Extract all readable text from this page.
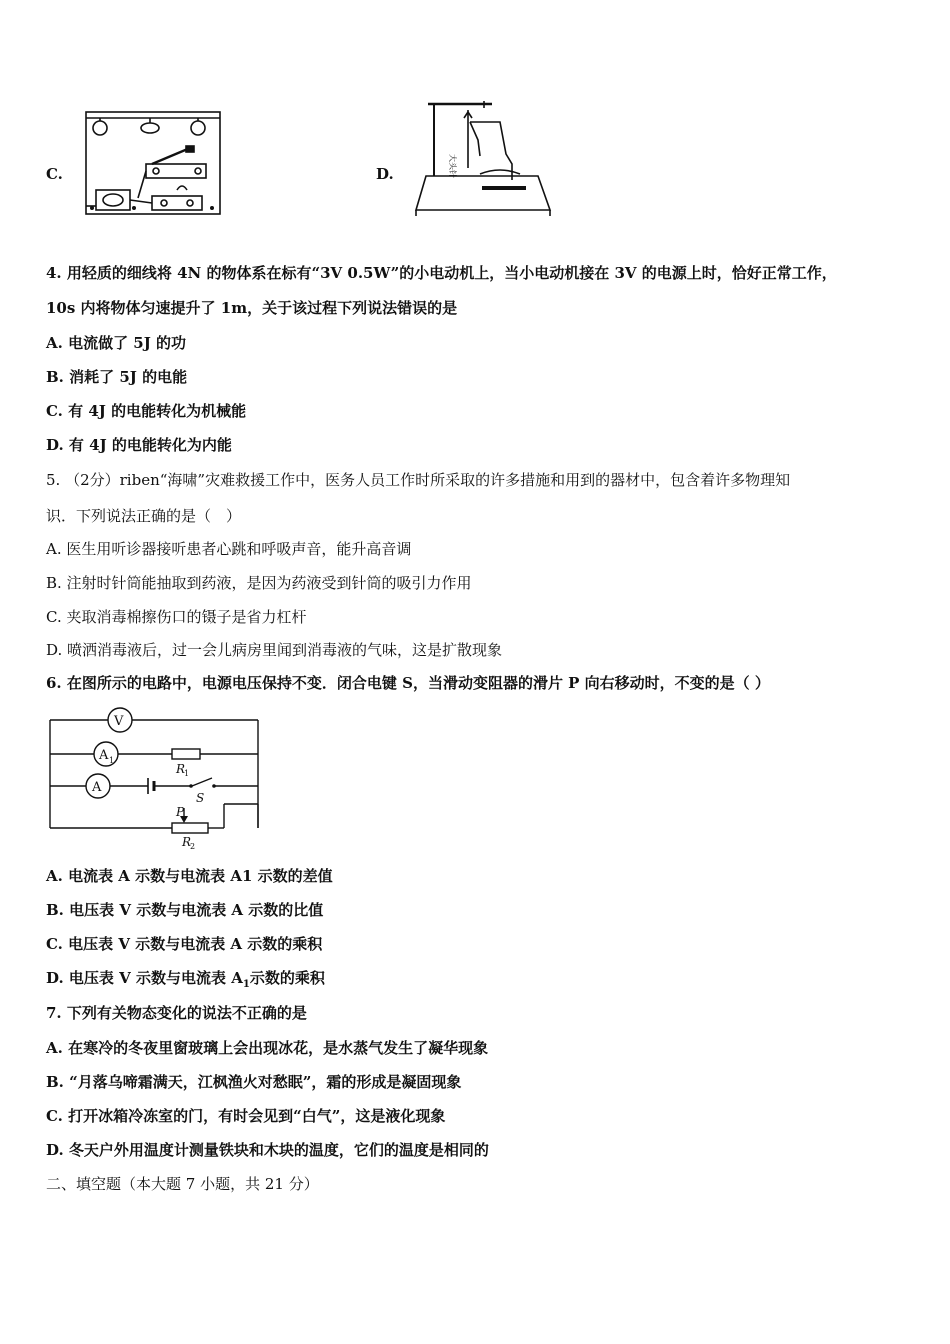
C.	D.	大头针
4. 用轻质的细线将 4N 的物体系在标有“3V 0.5W”的小电动机上，当小电动机接在 3V 的电源上时，恰好正常工作，
10s 内将物体匀速提升了 1m，关于该过程下列说法错误的是
A. 电流做了 5J 的功
B. 消耗了 5J 的电能
C. 有 4J 的电能转化为机械能
D. 有 4J 的电能转化为内能
5. （2分）riben“海啸”灾难救援工作中，医务人员工作时所采取的许多措施和用到的器材中，包含着许多物理知
识．下列说法正确的是（　）
A. 医生用听诊器接听患者心跳和呼吸声音，能升高音调
B. 注射时针筒能抽取到药液，是因为药液受到针筒的吸引力作用
C. 夹取消毒棉擦伤口的镊子是省力杠杆
D. 喷洒消毒液后，过一会儿病房里闻到消毒液的气味，这是扩散现象
6. 在图所示的电路中，电源电压保持不变．闭合电键 S，当滑动变阻器的滑片 P 向右移动时，不变的是（ ）
V
A 1
A
R
1
S
P
R
2
A. 电流表 A 示数与电流表 A1 示数的差值
B. 电压表 V 示数与电流表 A 示数的比值
C. 电压表 V 示数与电流表 A 示数的乘积
D. 电压表 V 示数与电流表 $A_1$示数的乘积
7. 下列有关物态变化的说法不正确的是
A. 在寒冷的冬夜里窗玻璃上会出现冰花，是水蒸气发生了凝华现象
B. “月落乌啼霜满天，江枫渔火对愁眠”，霜的形成是凝固现象
C. 打开冰箱冷冻室的门，有时会见到“白气”，这是液化现象
D. 冬天户外用温度计测量铁块和木块的温度，它们的温度是相同的
二、填空题（本大题 7 小题，共 21 分）
